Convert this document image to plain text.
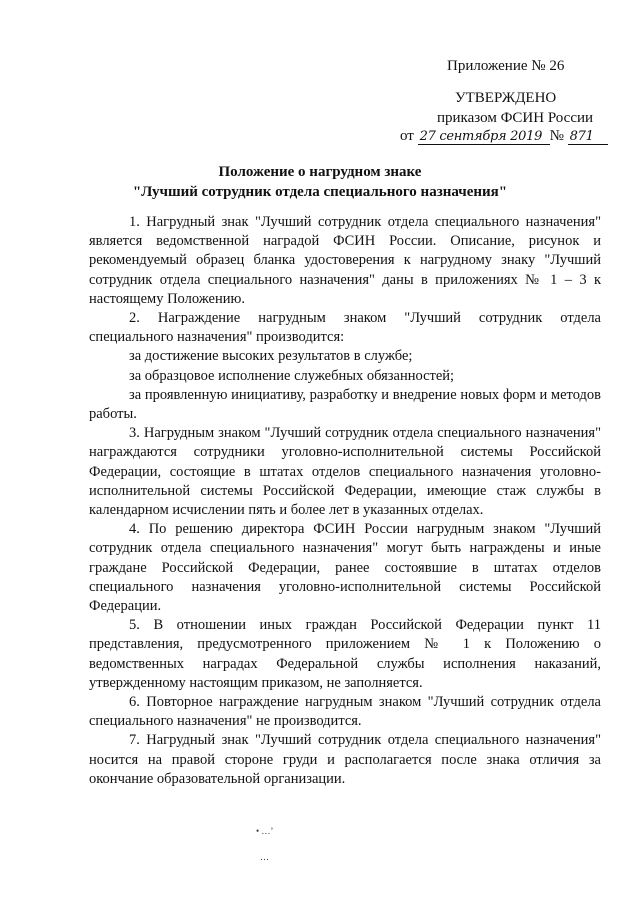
Приложение № 26
УТВЕРЖДЕНО
приказом ФСИН России
от 27 сентября 2019 № 871
Положение о нагрудном знаке
"Лучший сотрудник отдела специального назначения"

1. Нагрудный знак "Лучший сотрудник отдела специального назначения" является ведомственной наградой ФСИН России. Описание, рисунок и рекомендуемый образец бланка удостоверения к нагрудному знаку "Лучший сотрудник отдела специального назначения" даны в приложениях № 1 – 3 к настоящему Положению.

2. Награждение нагрудным знаком "Лучший сотрудник отдела специального назначения" производится:

за достижение высоких результатов в службе;

за образцовое исполнение служебных обязанностей;

за проявленную инициативу, разработку и внедрение новых форм и методов работы.

3. Нагрудным знаком "Лучший сотрудник отдела специального назначения" награждаются сотрудники уголовно-исполнительной системы Российской Федерации, состоящие в штатах отделов специального назначения уголовно-исполнительной системы Российской Федерации, имеющие стаж службы в календарном исчислении пять и более лет в указанных отделах.

4. По решению директора ФСИН России нагрудным знаком "Лучший сотрудник отдела специального назначения" могут быть награждены и иные граждане Российской Федерации, ранее состоявшие в штатах отделов специального назначения уголовно-исполнительной системы Российской Федерации.

5. В отношении иных граждан Российской Федерации пункт 11 представления, предусмотренного приложением № 1 к Положению о ведомственных наградах Федеральной службы исполнения наказаний, утвержденному настоящим приказом, не заполняется.

6. Повторное награждение нагрудным знаком "Лучший сотрудник отдела специального назначения" не производится.

7. Нагрудный знак "Лучший сотрудник отдела специального назначения" носится на правой стороне груди и располагается после знака отличия за окончание образовательной организации.

• …’
…
